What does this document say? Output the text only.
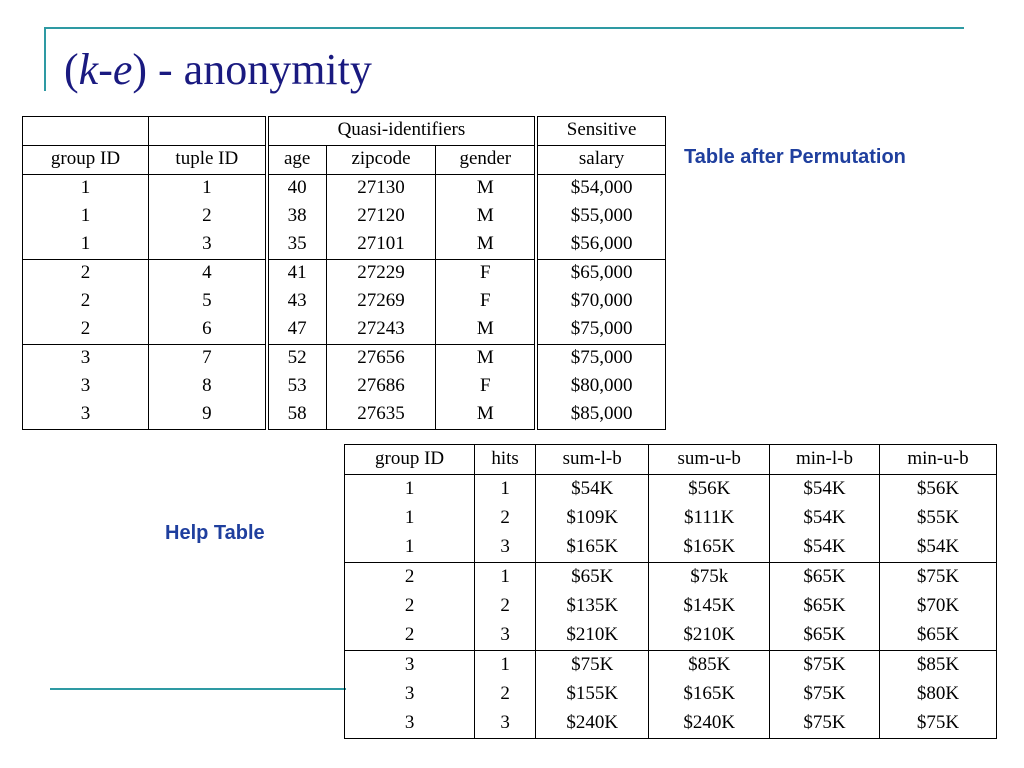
(k-e) - anonymity
Table after Permutation
Help Table
		Quasi-identifiers			Sensitive
group ID	tuple ID	age	zipcode	gender	salary
1	1	40	27130	M	$54,000
1	2	38	27120	M	$55,000
1	3	35	27101	M	$56,000
2	4	41	27229	F	$65,000
2	5	43	27269	F	$70,000
2	6	47	27243	M	$75,000
3	7	52	27656	M	$75,000
3	8	53	27686	F	$80,000
3	9	58	27635	M	$85,000
group ID	hits	sum-l-b	sum-u-b	min-l-b	min-u-b
1	1	$54K	$56K	$54K	$56K
1	2	$109K	$111K	$54K	$55K
1	3	$165K	$165K	$54K	$54K
2	1	$65K	$75k	$65K	$75K
2	2	$135K	$145K	$65K	$70K
2	3	$210K	$210K	$65K	$65K
3	1	$75K	$85K	$75K	$85K
3	2	$155K	$165K	$75K	$80K
3	3	$240K	$240K	$75K	$75K
